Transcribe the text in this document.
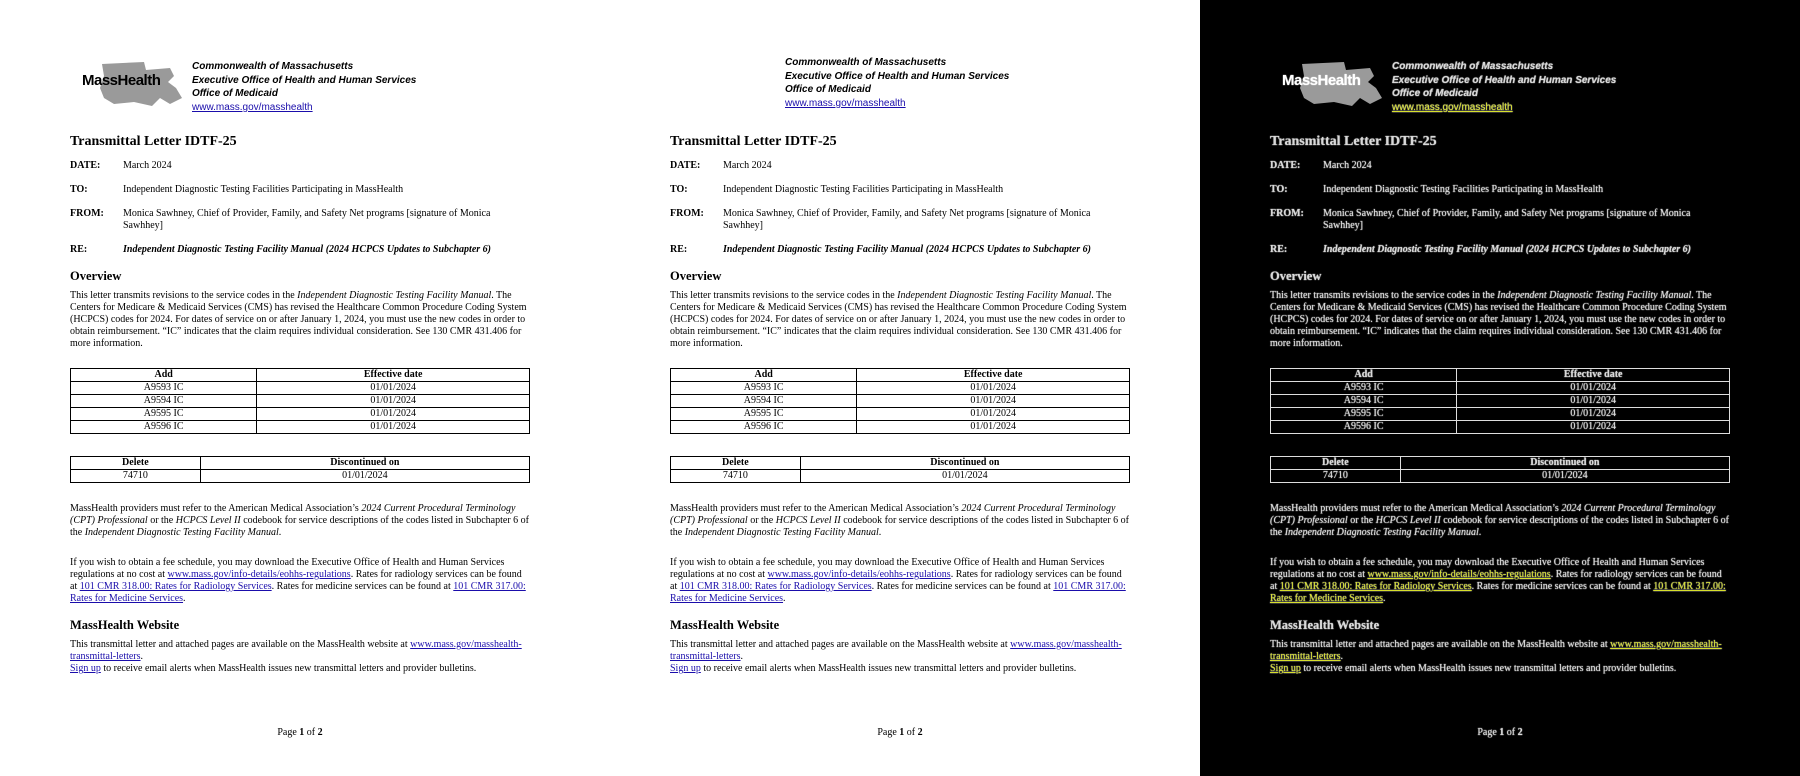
MassHealth
Commonwealth of Massachusetts
Executive Office of Health and Human Services
Office of Medicaid
www.mass.gov/masshealth
Transmittal Letter IDTF-25
DATE:	March 2024
TO:	Independent Diagnostic Testing Facilities Participating in MassHealth
FROM:	Monica Sawhney, Chief of Provider, Family, and Safety Net programs [signature of Monica Sawhhey]
RE:	Independent Diagnostic Testing Facility Manual (2024 HCPCS Updates to Subchapter 6)
Overview

This letter transmits revisions to the service codes in the Independent Diagnostic Testing Facility Manual. The Centers for Medicare & Medicaid Services (CMS) has revised the Healthcare Common Procedure Coding System (HCPCS) codes for 2024. For dates of service on or after January 1, 2024, you must use the new codes in order to obtain reimbursement. “IC” indicates that the claim requires individual consideration. See 130 CMR 431.406 for more information.

Add	Effective date
A9593 IC	01/01/2024
A9594 IC	01/01/2024
A9595 IC	01/01/2024
A9596 IC	01/01/2024
Delete	Discontinued on
74710	01/01/2024

MassHealth providers must refer to the American Medical Association’s 2024 Current Procedural Terminology (CPT) Professional or the HCPCS Level II codebook for service descriptions of the codes listed in Subchapter 6 of the Independent Diagnostic Testing Facility Manual.

If you wish to obtain a fee schedule, you may download the Executive Office of Health and Human Services regulations at no cost at www.mass.gov/info-details/eohhs-regulations. Rates for radiology services can be found at 101 CMR 318.00: Rates for Radiology Services. Rates for medicine services can be found at 101 CMR 317.00: Rates for Medicine Services.

MassHealth Website

This transmittal letter and attached pages are available on the MassHealth website at www.mass.gov/masshealth-transmittal-letters.
Sign up to receive email alerts when MassHealth issues new transmittal letters and provider bulletins.

Page 1 of 2
Commonwealth of Massachusetts
Executive Office of Health and Human Services
Office of Medicaid
www.mass.gov/masshealth
Transmittal Letter IDTF-25
DATE:	March 2024
TO:	Independent Diagnostic Testing Facilities Participating in MassHealth
FROM:	Monica Sawhney, Chief of Provider, Family, and Safety Net programs [signature of Monica Sawhhey]
RE:	Independent Diagnostic Testing Facility Manual (2024 HCPCS Updates to Subchapter 6)
Overview

This letter transmits revisions to the service codes in the Independent Diagnostic Testing Facility Manual. The Centers for Medicare & Medicaid Services (CMS) has revised the Healthcare Common Procedure Coding System (HCPCS) codes for 2024. For dates of service on or after January 1, 2024, you must use the new codes in order to obtain reimbursement. “IC” indicates that the claim requires individual consideration. See 130 CMR 431.406 for more information.

Add	Effective date
A9593 IC	01/01/2024
A9594 IC	01/01/2024
A9595 IC	01/01/2024
A9596 IC	01/01/2024
Delete	Discontinued on
74710	01/01/2024

MassHealth providers must refer to the American Medical Association’s 2024 Current Procedural Terminology (CPT) Professional or the HCPCS Level II codebook for service descriptions of the codes listed in Subchapter 6 of the Independent Diagnostic Testing Facility Manual.

If you wish to obtain a fee schedule, you may download the Executive Office of Health and Human Services regulations at no cost at www.mass.gov/info-details/eohhs-regulations. Rates for radiology services can be found at 101 CMR 318.00: Rates for Radiology Services. Rates for medicine services can be found at 101 CMR 317.00: Rates for Medicine Services.

MassHealth Website

This transmittal letter and attached pages are available on the MassHealth website at www.mass.gov/masshealth-transmittal-letters.
Sign up to receive email alerts when MassHealth issues new transmittal letters and provider bulletins.

Page 1 of 2
MassHealth
Commonwealth of Massachusetts
Executive Office of Health and Human Services
Office of Medicaid
www.mass.gov/masshealth
Transmittal Letter IDTF-25
DATE:	March 2024
TO:	Independent Diagnostic Testing Facilities Participating in MassHealth
FROM:	Monica Sawhney, Chief of Provider, Family, and Safety Net programs [signature of Monica Sawhhey]
RE:	Independent Diagnostic Testing Facility Manual (2024 HCPCS Updates to Subchapter 6)
Overview

This letter transmits revisions to the service codes in the Independent Diagnostic Testing Facility Manual. The Centers for Medicare & Medicaid Services (CMS) has revised the Healthcare Common Procedure Coding System (HCPCS) codes for 2024. For dates of service on or after January 1, 2024, you must use the new codes in order to obtain reimbursement. “IC” indicates that the claim requires individual consideration. See 130 CMR 431.406 for more information.

Add	Effective date
A9593 IC	01/01/2024
A9594 IC	01/01/2024
A9595 IC	01/01/2024
A9596 IC	01/01/2024
Delete	Discontinued on
74710	01/01/2024

MassHealth providers must refer to the American Medical Association’s 2024 Current Procedural Terminology (CPT) Professional or the HCPCS Level II codebook for service descriptions of the codes listed in Subchapter 6 of the Independent Diagnostic Testing Facility Manual.

If you wish to obtain a fee schedule, you may download the Executive Office of Health and Human Services regulations at no cost at www.mass.gov/info-details/eohhs-regulations. Rates for radiology services can be found at 101 CMR 318.00: Rates for Radiology Services. Rates for medicine services can be found at 101 CMR 317.00: Rates for Medicine Services.

MassHealth Website

This transmittal letter and attached pages are available on the MassHealth website at www.mass.gov/masshealth-transmittal-letters.
Sign up to receive email alerts when MassHealth issues new transmittal letters and provider bulletins.

Page 1 of 2
